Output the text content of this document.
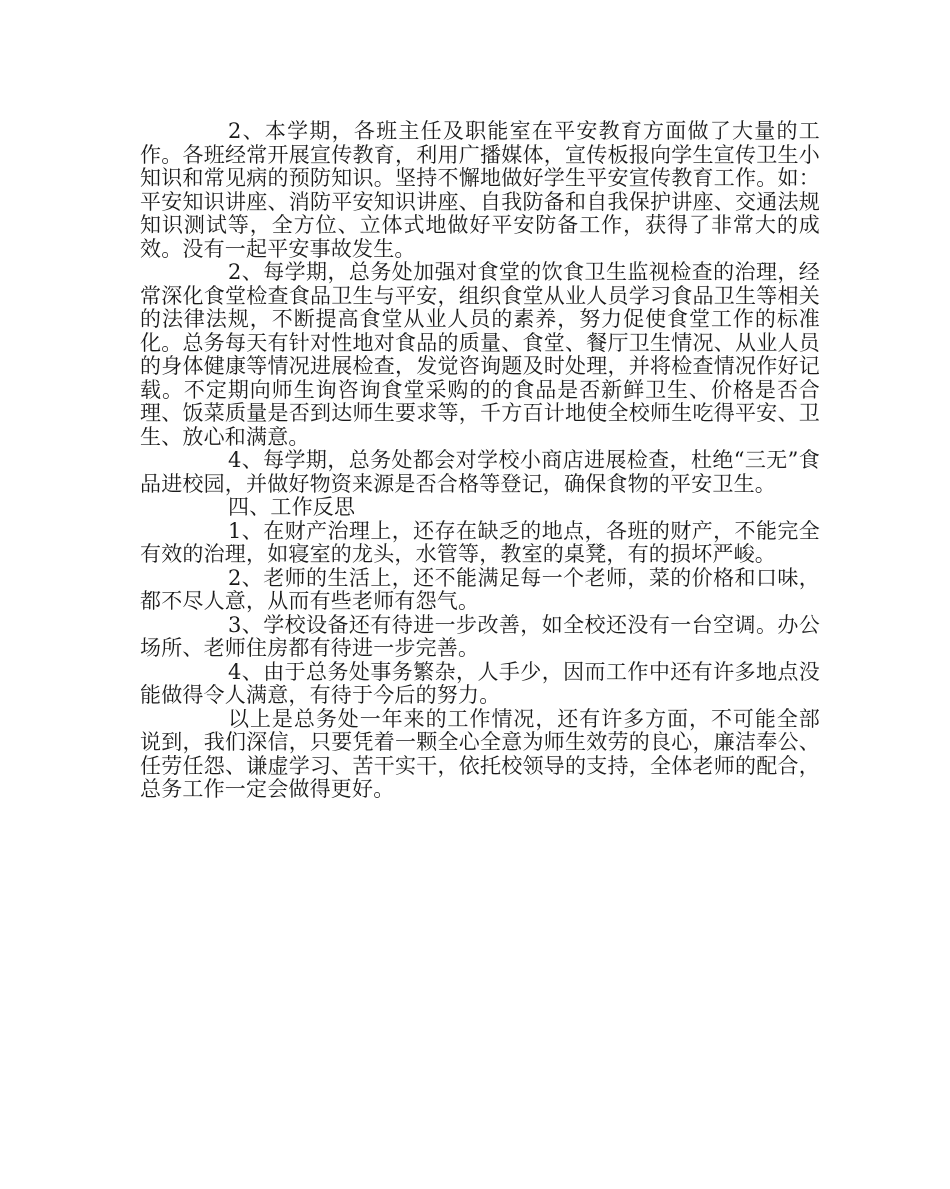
2、本学期，各班主任及职能室在平安教育方面做了大量的工作。各班经常开展宣传教育，利用广播媒体，宣传板报向学生宣传卫生小知识和常见病的预防知识。坚持不懈地做好学生平安宣传教育工作。如：平安知识讲座、消防平安知识讲座、自我防备和自我保护讲座、交通法规知识测试等，全方位、立体式地做好平安防备工作，获得了非常大的成效。没有一起平安事故发生。

2、每学期，总务处加强对食堂的饮食卫生监视检查的治理，经常深化食堂检查食品卫生与平安，组织食堂从业人员学习食品卫生等相关的法律法规，不断提高食堂从业人员的素养，努力促使食堂工作的标准化。总务每天有针对性地对食品的质量、食堂、餐厅卫生情况、从业人员的身体健康等情况进展检查，发觉咨询题及时处理，并将检查情况作好记载。不定期向师生询咨询食堂采购的的食品是否新鲜卫生、价格是否合理、饭菜质量是否到达师生要求等，千方百计地使全校师生吃得平安、卫生、放心和满意。

4、每学期，总务处都会对学校小商店进展检查，杜绝“三无”食品进校园，并做好物资来源是否合格等登记，确保食物的平安卫生。

四、工作反思

1、在财产治理上，还存在缺乏的地点，各班的财产，不能完全有效的治理，如寝室的龙头，水管等，教室的桌凳，有的损坏严峻。

2、老师的生活上，还不能满足每一个老师，菜的价格和口味，都不尽人意，从而有些老师有怨气。

3、学校设备还有待进一步改善，如全校还没有一台空调。办公场所、老师住房都有待进一步完善。

4、由于总务处事务繁杂，人手少，因而工作中还有许多地点没能做得令人满意，有待于今后的努力。

以上是总务处一年来的工作情况，还有许多方面，不可能全部说到，我们深信，只要凭着一颗全心全意为师生效劳的良心，廉洁奉公、任劳任怨、谦虚学习、苦干实干，依托校领导的支持，全体老师的配合，总务工作一定会做得更好。
